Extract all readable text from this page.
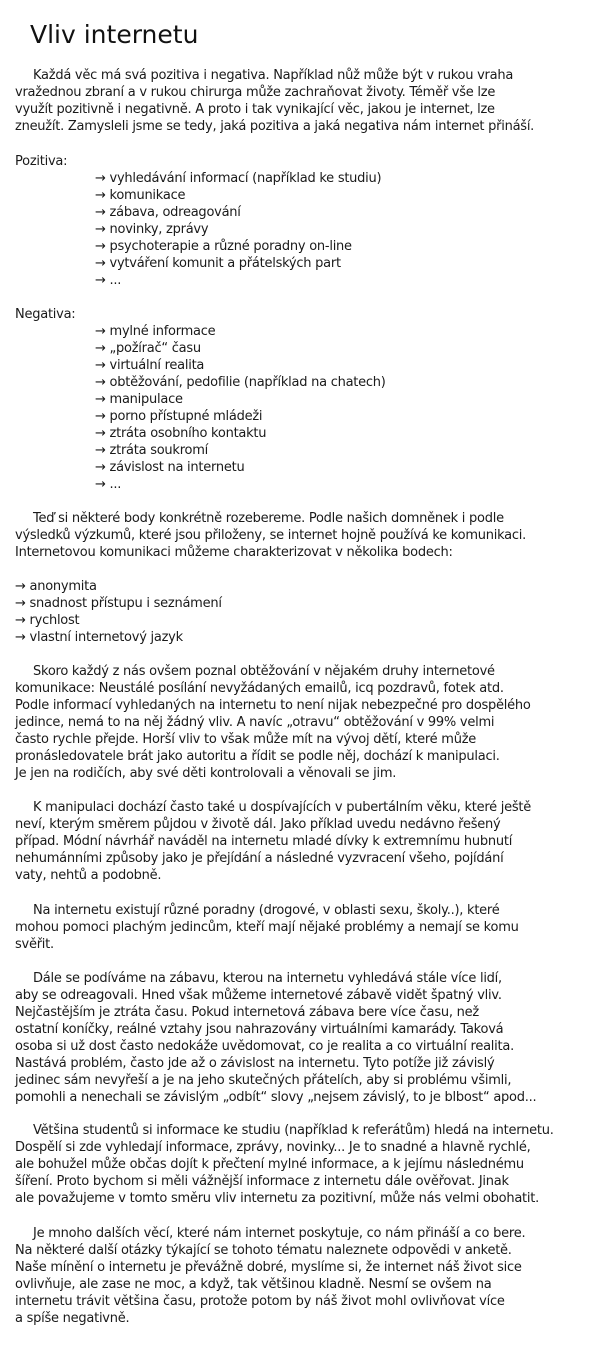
Vliv internetu
Každá věc má svá pozitiva i negativa. Například nůž může být v rukou vraha
vražednou zbraní a v rukou chirurga může zachraňovat životy. Téměř vše lze
využít pozitivně i negativně. A proto i tak vynikající věc, jakou je internet, lze
zneužít. Zamysleli jsme se tedy, jaká pozitiva a jaká negativa nám internet přináší.
Pozitiva:
→ vyhledávání informací (například ke studiu)
→ komunikace
→ zábava, odreagování
→ novinky, zprávy
→ psychoterapie a různé poradny on-line
→ vytváření komunit a přátelských part
→ ...
Negativa:
→ mylné informace
→ „požírač“ času
→ virtuální realita
→ obtěžování, pedofilie (například na chatech)
→ manipulace
→ porno přístupné mládeži
→ ztráta osobního kontaktu
→ ztráta soukromí
→ závislost na internetu
→ ...
Teď si některé body konkrétně rozebereme. Podle našich domněnek i podle
výsledků výzkumů, které jsou přiloženy, se internet hojně používá ke komunikaci.
Internetovou komunikaci můžeme charakterizovat v několika bodech:
→ anonymita
→ snadnost přístupu i seznámení
→ rychlost
→ vlastní internetový jazyk
Skoro každý z nás ovšem poznal obtěžování v nějakém druhy internetové
komunikace: Neustálé posílání nevyžádaných emailů, icq pozdravů, fotek atd.
Podle informací vyhledaných na internetu to není nijak nebezpečné pro dospělého
jedince, nemá to na něj žádný vliv. A navíc „otravu“ obtěžování v 99% velmi
často rychle přejde. Horší vliv to však může mít na vývoj dětí, které může
pronásledovatele brát jako autoritu a řídit se podle něj, dochází k manipulaci.
Je jen na rodičích, aby své děti kontrolovali a věnovali se jim.
K manipulaci dochází často také u dospívajících v pubertálním věku, které ještě
neví, kterým směrem půjdou v životě dál. Jako příklad uvedu nedávno řešený
případ. Módní návrhář naváděl na internetu mladé dívky k extremnímu hubnutí
nehumánními způsoby jako je přejídání a následné vyzvracení všeho, pojídání
vaty, nehtů a podobně.
Na internetu existují různé poradny (drogové, v oblasti sexu, školy..), které
mohou pomoci plachým jedincům, kteří mají nějaké problémy a nemají se komu
svěřit.
Dále se podíváme na zábavu, kterou na internetu vyhledává stále více lidí,
aby se odreagovali. Hned však můžeme internetové zábavě vidět špatný vliv.
Nejčastějším je ztráta času. Pokud internetová zábava bere více času, než
ostatní koníčky, reálné vztahy jsou nahrazovány virtuálními kamarády. Taková
osoba si už dost často nedokáže uvědomovat, co je realita a co virtuální realita.
Nastává problém, často jde až o závislost na internetu. Tyto potíže již závislý
jedinec sám nevyřeší a je na jeho skutečných přátelích, aby si problému všimli,
pomohli a nenechali se závislým „odbít“ slovy „nejsem závislý, to je blbost“ apod...
Většina studentů si informace ke studiu (například k referátům) hledá na internetu.
Dospělí si zde vyhledají informace, zprávy, novinky... Je to snadné a hlavně rychlé,
ale bohužel může občas dojít k přečtení mylné informace, a k jejímu následnému
šíření. Proto bychom si měli vážnější informace z internetu dále ověřovat. Jinak
ale považujeme v tomto směru vliv internetu za pozitivní, může nás velmi obohatit.
Je mnoho dalších věcí, které nám internet poskytuje, co nám přináší a co bere.
Na některé další otázky týkající se tohoto tématu naleznete odpovědi v anketě.
Naše mínění o internetu je převážně dobré, myslíme si, že internet náš život sice
ovlivňuje, ale zase ne moc, a když, tak většinou kladně. Nesmí se ovšem na
internetu trávit většina času, protože potom by náš život mohl ovlivňovat více
a spíše negativně.
